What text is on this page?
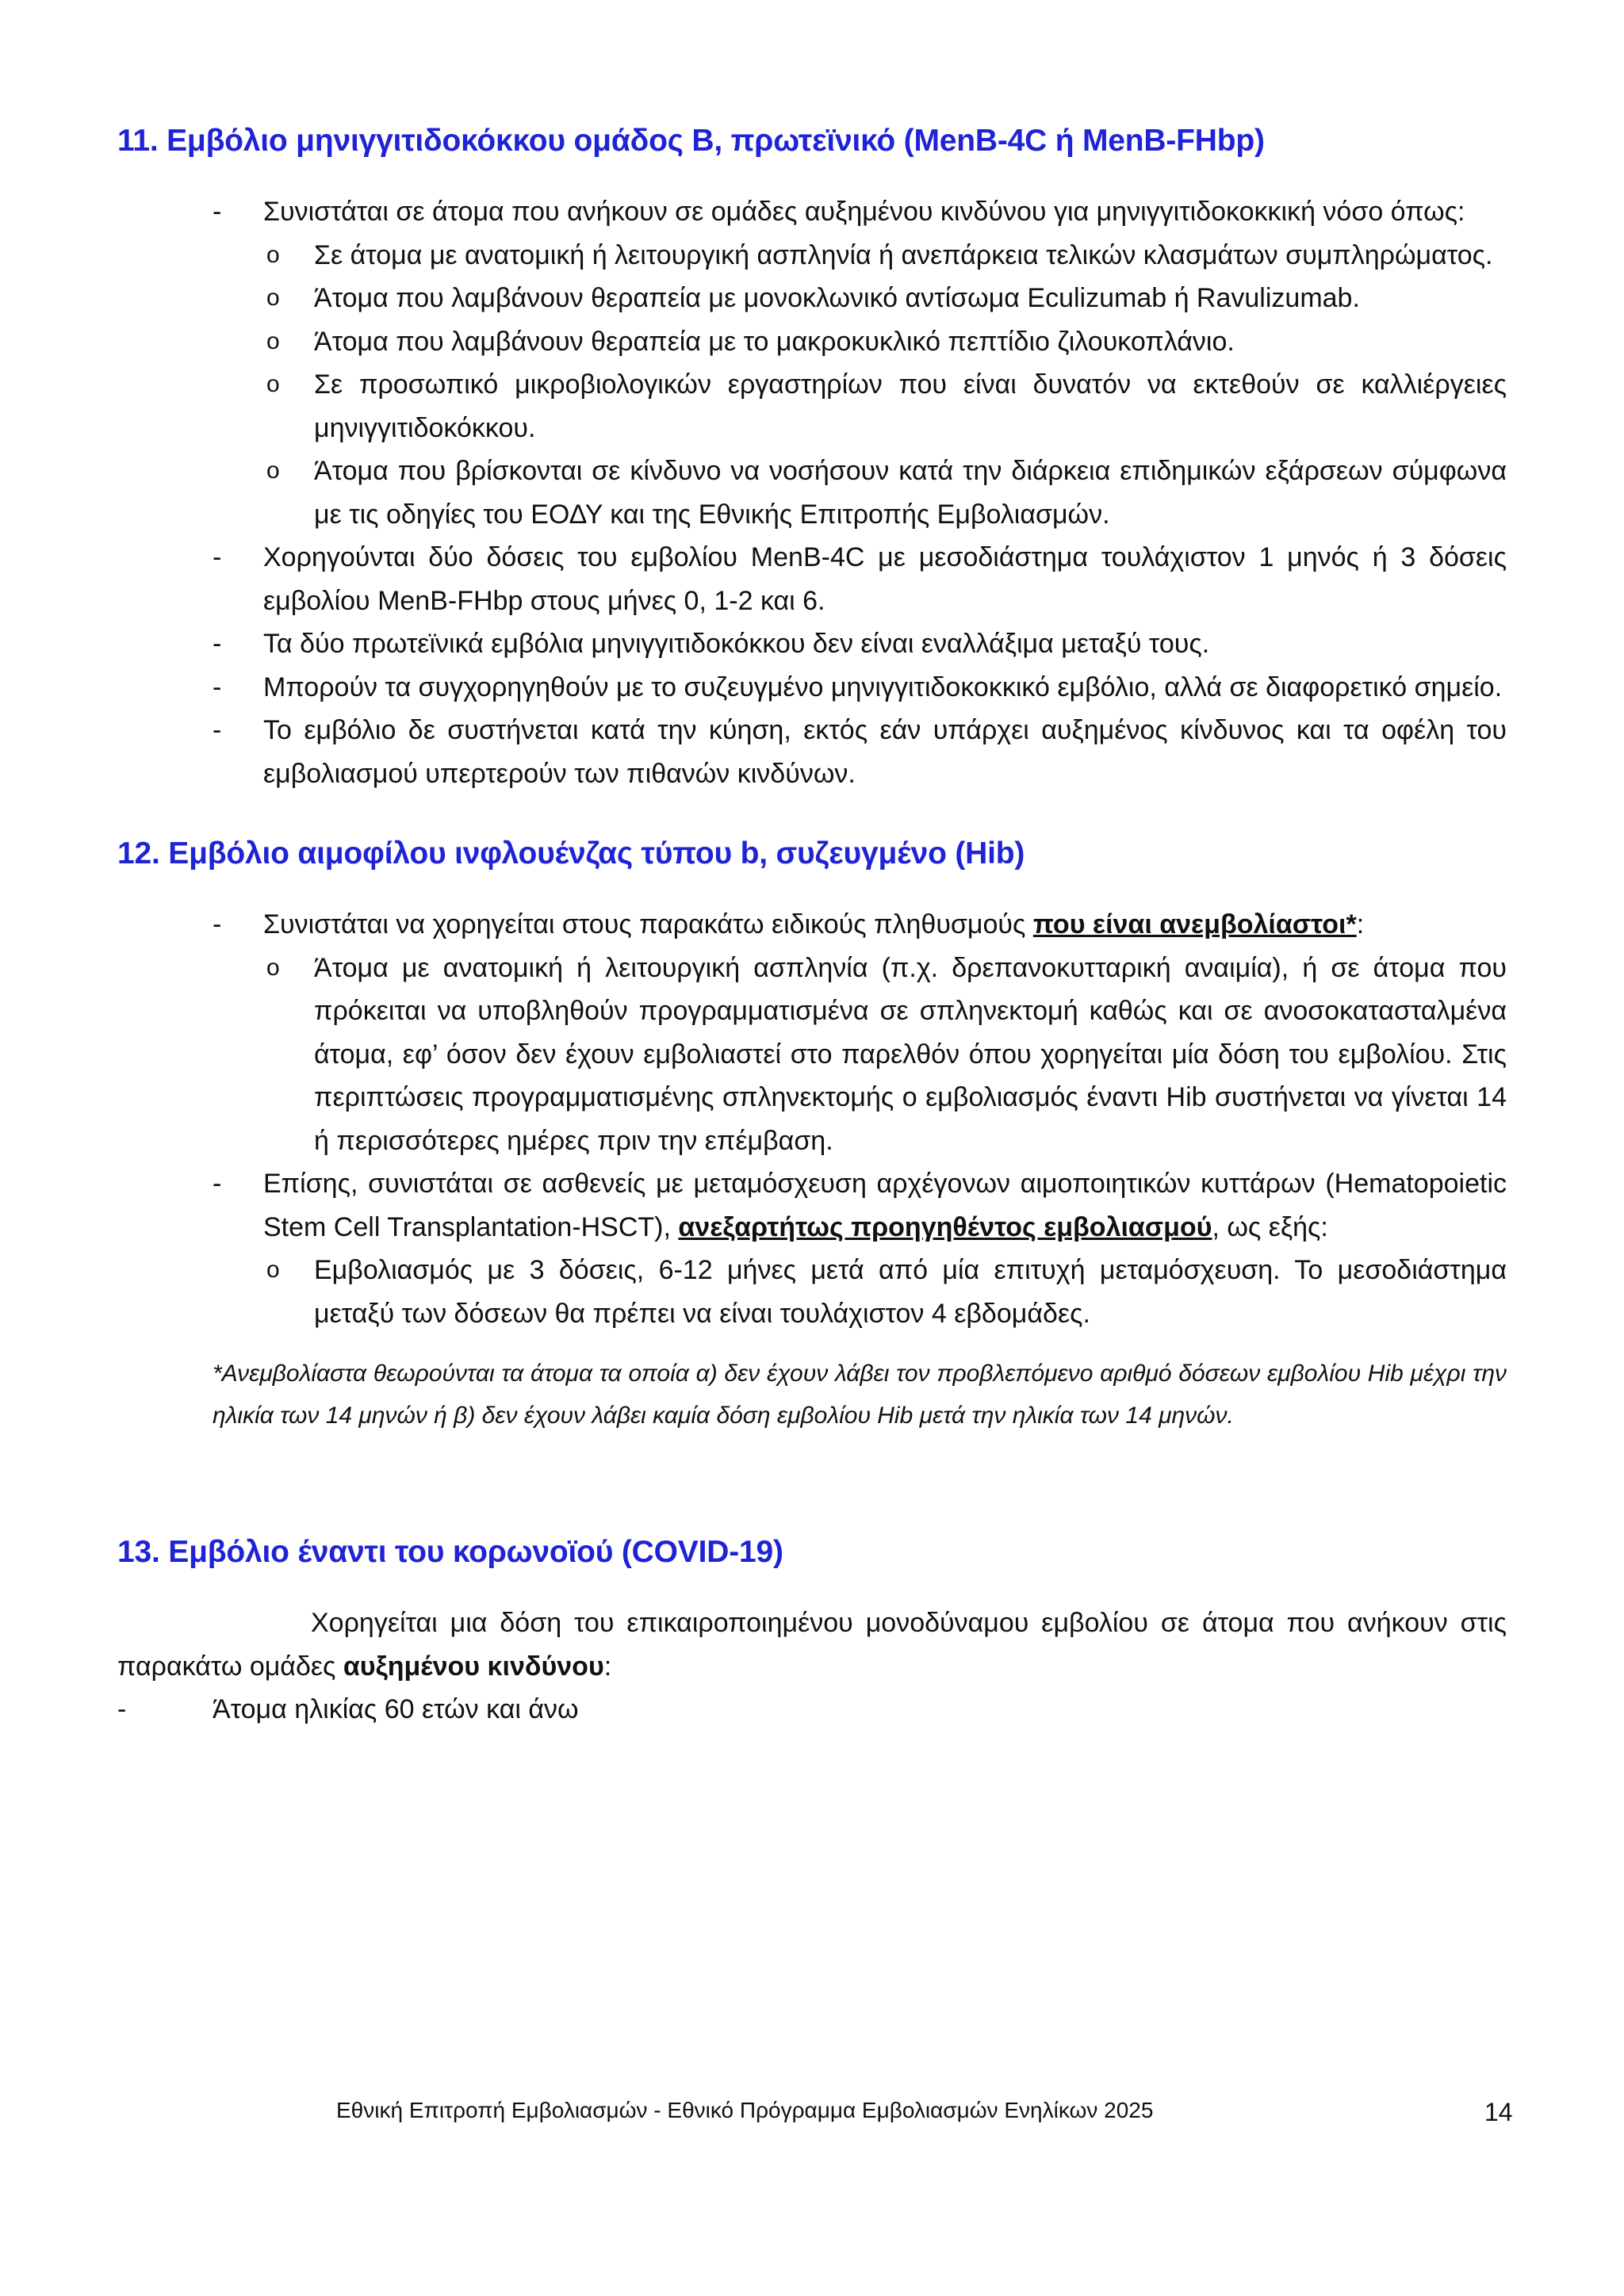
11. Εμβόλιο μηνιγγιτιδοκόκκου ομάδος Β, πρωτεϊνικό (MenB-4C ή MenB-FHbp)
-	Συνιστάται σε άτομα που ανήκουν σε ομάδες αυξημένου κινδύνου για μηνιγγιτιδοκοκκική νόσο όπως:
o	Σε άτομα με ανατομική ή λειτουργική ασπληνία ή ανεπάρκεια τελικών κλασμάτων συμπληρώματος.
o	Άτομα που λαμβάνουν θεραπεία με μονοκλωνικό αντίσωμα Eculizumab ή Ravulizumab.
o	Άτομα που λαμβάνουν θεραπεία με το μακροκυκλικό πεπτίδιο ζιλουκοπλάνιο.
o	Σε προσωπικό μικροβιολογικών εργαστηρίων που είναι δυνατόν να εκτεθούν σε καλλιέργειες μηνιγγιτιδοκόκκου.
o	Άτομα που βρίσκονται σε κίνδυνο να νοσήσουν κατά την διάρκεια επιδημικών εξάρσεων σύμφωνα με τις οδηγίες του ΕΟΔΥ και της Εθνικής Επιτροπής Εμβολιασμών.
-	Χορηγούνται δύο δόσεις του εμβολίου MenB-4C με μεσοδιάστημα τουλάχιστον 1 μηνός ή 3 δόσεις εμβολίου MenB-FHbp στους μήνες 0, 1-2 και 6.
-	Τα δύο πρωτεϊνικά εμβόλια μηνιγγιτιδοκόκκου δεν είναι εναλλάξιμα μεταξύ τους.
-	Μπορούν τα συγχορηγηθούν με το συζευγμένο μηνιγγιτιδοκοκκικό εμβόλιο, αλλά σε διαφορετικό σημείο.
-	Το εμβόλιο δε συστήνεται κατά την κύηση, εκτός εάν υπάρχει αυξημένος κίνδυνος και τα οφέλη του εμβολιασμού υπερτερούν των πιθανών κινδύνων.
12. Εμβόλιο αιμοφίλου ινφλουένζας τύπου b, συζευγμένο (Hib)
-	Συνιστάται να χορηγείται στους παρακάτω ειδικούς πληθυσμούς που είναι ανεμβολίαστοι*:
o	Άτομα με ανατομική ή λειτουργική ασπληνία (π.χ. δρεπανοκυτταρική αναιμία), ή σε άτομα που πρόκειται να υποβληθούν προγραμματισμένα σε σπληνεκτομή καθώς και σε ανοσοκατασταλμένα άτομα, εφ’ όσον δεν έχουν εμβολιαστεί στο παρελθόν όπου χορηγείται μία δόση του εμβολίου. Στις περιπτώσεις προγραμματισμένης σπληνεκτομής ο εμβολιασμός έναντι Hib συστήνεται να γίνεται 14 ή περισσότερες ημέρες πριν την επέμβαση.
-	Επίσης, συνιστάται σε ασθενείς με μεταμόσχευση αρχέγονων αιμοποιητικών κυττάρων (Hematopoietic Stem Cell Transplantation-HSCT), ανεξαρτήτως προηγηθέντος εμβολιασμού, ως εξής:
o	Εμβολιασμός με 3 δόσεις, 6-12 μήνες μετά από μία επιτυχή μεταμόσχευση. Το μεσοδιάστημα μεταξύ των δόσεων θα πρέπει να είναι τουλάχιστον 4 εβδομάδες.
*Ανεμβολίαστα θεωρούνται τα άτομα τα οποία α) δεν έχουν λάβει τον προβλεπόμενο αριθμό δόσεων εμβολίου Hib μέχρι την ηλικία των 14 μηνών ή β) δεν έχουν λάβει καμία δόση εμβολίου Hib μετά την ηλικία των 14 μηνών.
13. Εμβόλιο έναντι του κορωνοϊού (COVID-19)
Χορηγείται μια δόση του επικαιροποιημένου μονοδύναμου εμβολίου σε άτομα που ανήκουν στις παρακάτω ομάδες αυξημένου κινδύνου:
-	Άτομα ηλικίας 60 ετών και άνω
Εθνική Επιτροπή Εμβολιασμών - Εθνικό Πρόγραμμα Εμβολιασμών Ενηλίκων 2025	14
